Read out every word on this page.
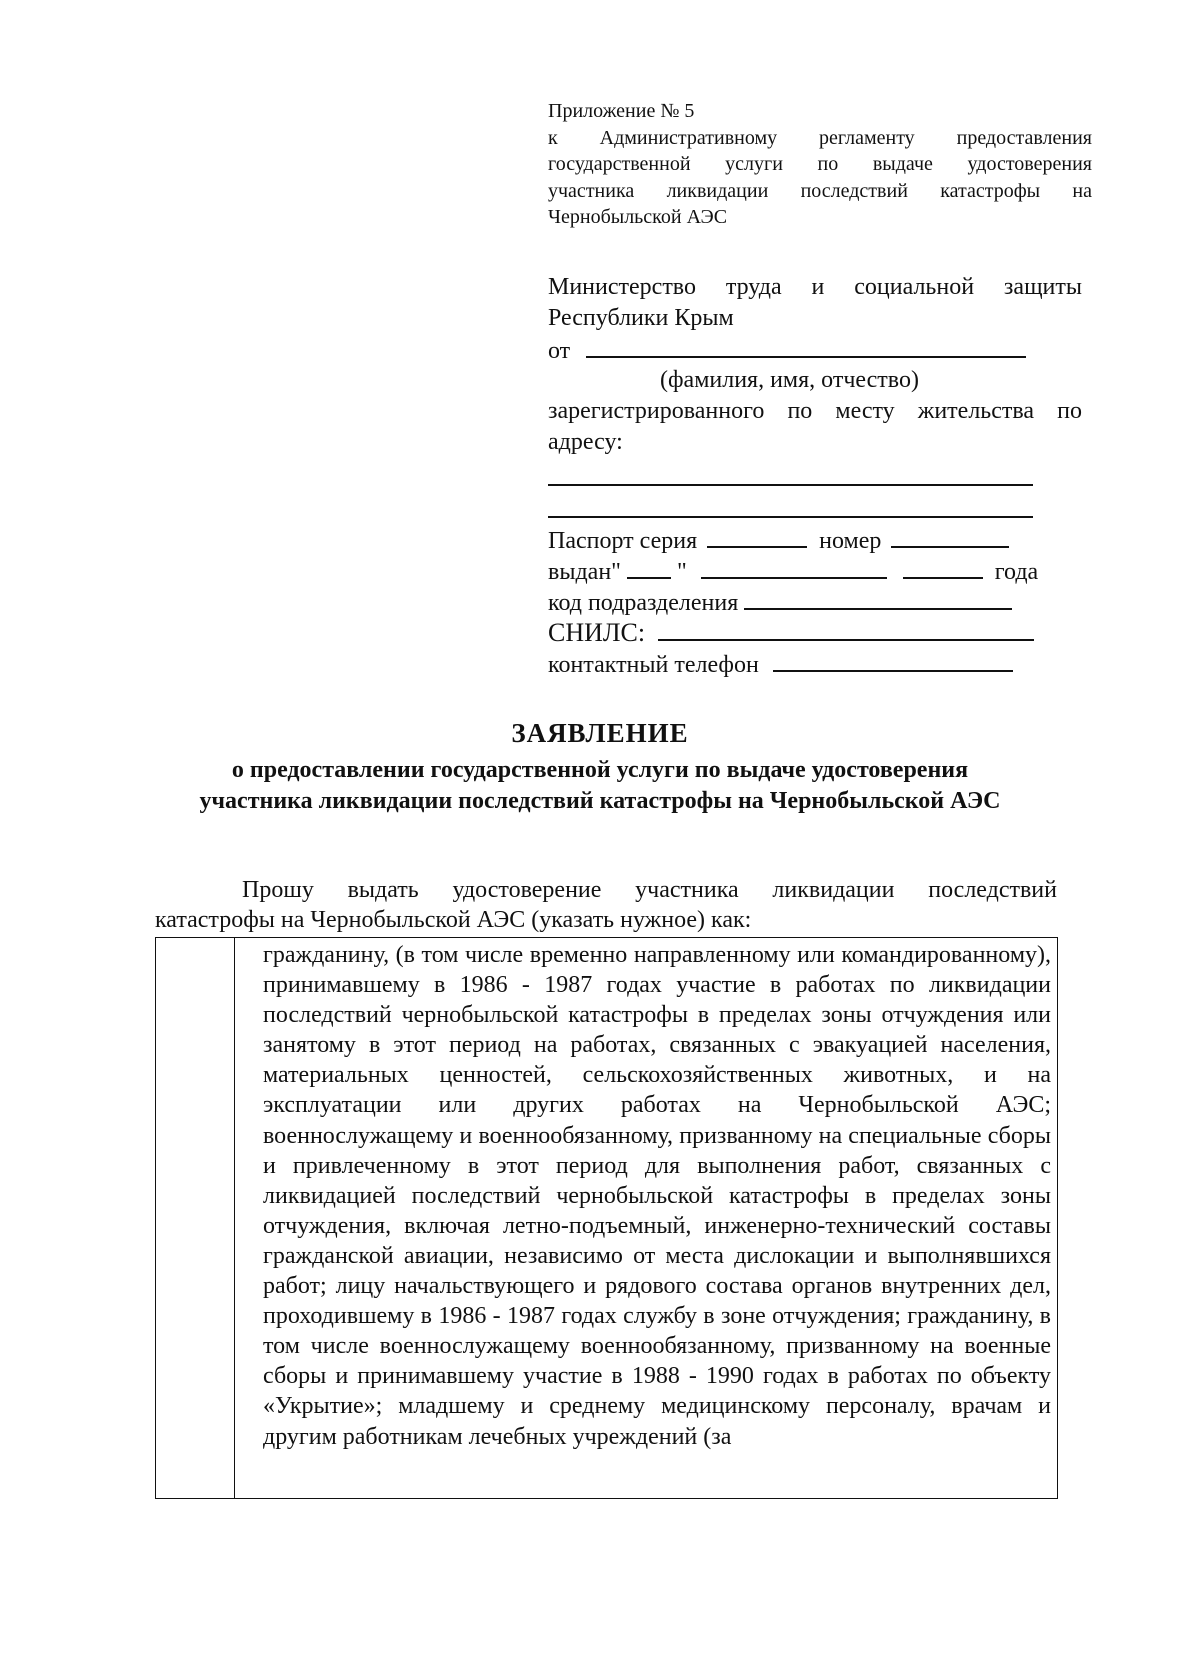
Приложение № 5
к Административному регламенту предоставления
государственной услуги по выдаче удостоверения
участника ликвидации последствий катастрофы на
Чернобыльской АЭС
Министерство труда и социальной защиты
Республики Крым
от
(фамилия, имя, отчество)
зарегистрированного по месту жительства по
адресу:
Паспорт серия	номер
выдан" "	года
код подразделения
СНИЛС:
контактный телефон
ЗАЯВЛЕНИЕ
о предоставлении государственной услуги по выдаче удостоверения
участника ликвидации последствий катастрофы на Чернобыльской АЭС
Прошу выдать удостоверение участника ликвидации последствий
катастрофы на Чернобыльской АЭС (указать нужное) как:

гражданину, (в том числе временно направленному или командированному), принимавшему в 1986 - 1987 годах участие в работах по ликвидации последствий чернобыльской катастрофы в пределах зоны отчуждения или занятому в этот период на работах, связанных с эвакуацией населения, материальных ценностей, сельскохозяйственных животных, и на эксплуатации или других работах на Чернобыльской АЭС; военнослужащему и военнообязанному, призванному на специальные сборы и привлеченному в этот период для выполнения работ, связанных с ликвидацией последствий чернобыльской катастрофы в пределах зоны отчуждения, включая летно-подъемный, инженерно-технический составы гражданской авиации, независимо от места дислокации и выполнявшихся работ; лицу начальствующего и рядового состава органов внутренних дел, проходившему в 1986 - 1987 годах службу в зоне отчуждения; гражданину, в том числе военнослужащему военнообязанному, призванному на военные сборы и принимавшему участие в 1988 - 1990 годах в работах по объекту «Укрытие»; младшему и среднему медицинскому персоналу, врачам и другим работникам лечебных учреждений (за
